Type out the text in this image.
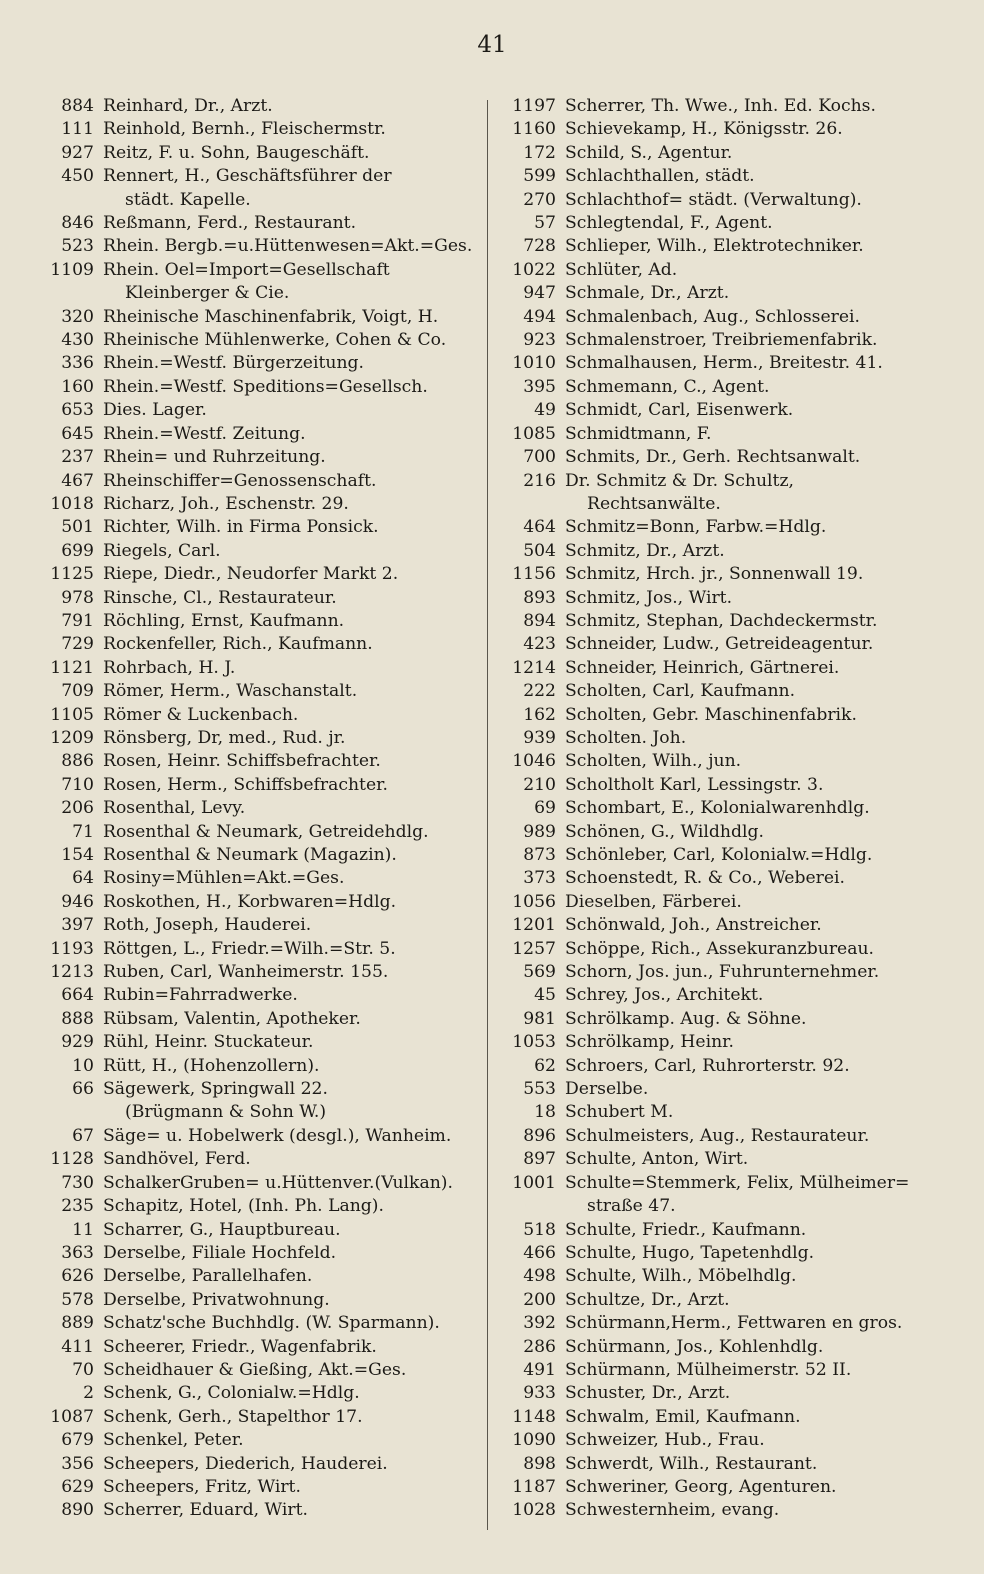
41
884 Reinhard, Dr., Arzt.
111 Reinhold, Bernh., Fleischermstr.
927 Reitz, F. u. Sohn, Baugeschäft.
450 Rennert, H., Geschäftsführer der
städt. Kapelle.
846 Reßmann, Ferd., Restaurant.
523 Rhein. Bergb.=u.Hüttenwesen=Akt.=Ges.
1109 Rhein. Oel=Import=Gesellschaft
Kleinberger & Cie.
320 Rheinische Maschinenfabrik, Voigt, H.
430 Rheinische Mühlenwerke, Cohen & Co.
336 Rhein.=Westf. Bürgerzeitung.
160 Rhein.=Westf. Speditions=Gesellsch.
653 Dies. Lager.
645 Rhein.=Westf. Zeitung.
237 Rhein= und Ruhrzeitung.
467 Rheinschiffer=Genossenschaft.
1018 Richarz, Joh., Eschenstr. 29.
501 Richter, Wilh. in Firma Ponsick.
699 Riegels, Carl.
1125 Riepe, Diedr., Neudorfer Markt 2.
978 Rinsche, Cl., Restaurateur.
791 Röchling, Ernst, Kaufmann.
729 Rockenfeller, Rich., Kaufmann.
1121 Rohrbach, H. J.
709 Römer, Herm., Waschanstalt.
1105 Römer & Luckenbach.
1209 Rönsberg, Dr, med., Rud. jr.
886 Rosen, Heinr. Schiffsbefrachter.
710 Rosen, Herm., Schiffsbefrachter.
206 Rosenthal, Levy.
71 Rosenthal & Neumark, Getreidehdlg.
154 Rosenthal & Neumark (Magazin).
64 Rosiny=Mühlen=Akt.=Ges.
946 Roskothen, H., Korbwaren=Hdlg.
397 Roth, Joseph, Hauderei.
1193 Röttgen, L., Friedr.=Wilh.=Str. 5.
1213 Ruben, Carl, Wanheimerstr. 155.
664 Rubin=Fahrradwerke.
888 Rübsam, Valentin, Apotheker.
929 Rühl, Heinr. Stuckateur.
10 Rütt, H., (Hohenzollern).
66 Sägewerk, Springwall 22.
(Brügmann & Sohn W.)
67 Säge= u. Hobelwerk (desgl.), Wanheim.
1128 Sandhövel, Ferd.
730 SchalkerGruben= u.Hüttenver.(Vulkan).
235 Schapitz, Hotel, (Inh. Ph. Lang).
11 Scharrer, G., Hauptbureau.
363 Derselbe, Filiale Hochfeld.
626 Derselbe, Parallelhafen.
578 Derselbe, Privatwohnung.
889 Schatz'sche Buchhdlg. (W. Sparmann).
411 Scheerer, Friedr., Wagenfabrik.
70 Scheidhauer & Gießing, Akt.=Ges.
2 Schenk, G., Colonialw.=Hdlg.
1087 Schenk, Gerh., Stapelthor 17.
679 Schenkel, Peter.
356 Scheepers, Diederich, Hauderei.
629 Scheepers, Fritz, Wirt.
890 Scherrer, Eduard, Wirt.
1197 Scherrer, Th. Wwe., Inh. Ed. Kochs.
1160 Schievekamp, H., Königsstr. 26.
172 Schild, S., Agentur.
599 Schlachthallen, städt.
270 Schlachthof= städt. (Verwaltung).
57 Schlegtendal, F., Agent.
728 Schlieper, Wilh., Elektrotechniker.
1022 Schlüter, Ad.
947 Schmale, Dr., Arzt.
494 Schmalenbach, Aug., Schlosserei.
923 Schmalenstroer, Treibriemenfabrik.
1010 Schmalhausen, Herm., Breitestr. 41.
395 Schmemann, C., Agent.
49 Schmidt, Carl, Eisenwerk.
1085 Schmidtmann, F.
700 Schmits, Dr., Gerh. Rechtsanwalt.
216 Dr. Schmitz & Dr. Schultz,
Rechtsanwälte.
464 Schmitz=Bonn, Farbw.=Hdlg.
504 Schmitz, Dr., Arzt.
1156 Schmitz, Hrch. jr., Sonnenwall 19.
893 Schmitz, Jos., Wirt.
894 Schmitz, Stephan, Dachdeckermstr.
423 Schneider, Ludw., Getreideagentur.
1214 Schneider, Heinrich, Gärtnerei.
222 Scholten, Carl, Kaufmann.
162 Scholten, Gebr. Maschinenfabrik.
939 Scholten. Joh.
1046 Scholten, Wilh., jun.
210 Scholtholt Karl, Lessingstr. 3.
69 Schombart, E., Kolonialwarenhdlg.
989 Schönen, G., Wildhdlg.
873 Schönleber, Carl, Kolonialw.=Hdlg.
373 Schoenstedt, R. & Co., Weberei.
1056 Dieselben, Färberei.
1201 Schönwald, Joh., Anstreicher.
1257 Schöppe, Rich., Assekuranzbureau.
569 Schorn, Jos. jun., Fuhrunternehmer.
45 Schrey, Jos., Architekt.
981 Schrölkamp. Aug. & Söhne.
1053 Schrölkamp, Heinr.
62 Schroers, Carl, Ruhrorterstr. 92.
553 Derselbe.
18 Schubert M.
896 Schulmeisters, Aug., Restaurateur.
897 Schulte, Anton, Wirt.
1001 Schulte=Stemmerk, Felix, Mülheimer=
straße 47.
518 Schulte, Friedr., Kaufmann.
466 Schulte, Hugo, Tapetenhdlg.
498 Schulte, Wilh., Möbelhdlg.
200 Schultze, Dr., Arzt.
392 Schürmann,Herm., Fettwaren en gros.
286 Schürmann, Jos., Kohlenhdlg.
491 Schürmann, Mülheimerstr. 52 II.
933 Schuster, Dr., Arzt.
1148 Schwalm, Emil, Kaufmann.
1090 Schweizer, Hub., Frau.
898 Schwerdt, Wilh., Restaurant.
1187 Schweriner, Georg, Agenturen.
1028 Schwesternheim, evang.
